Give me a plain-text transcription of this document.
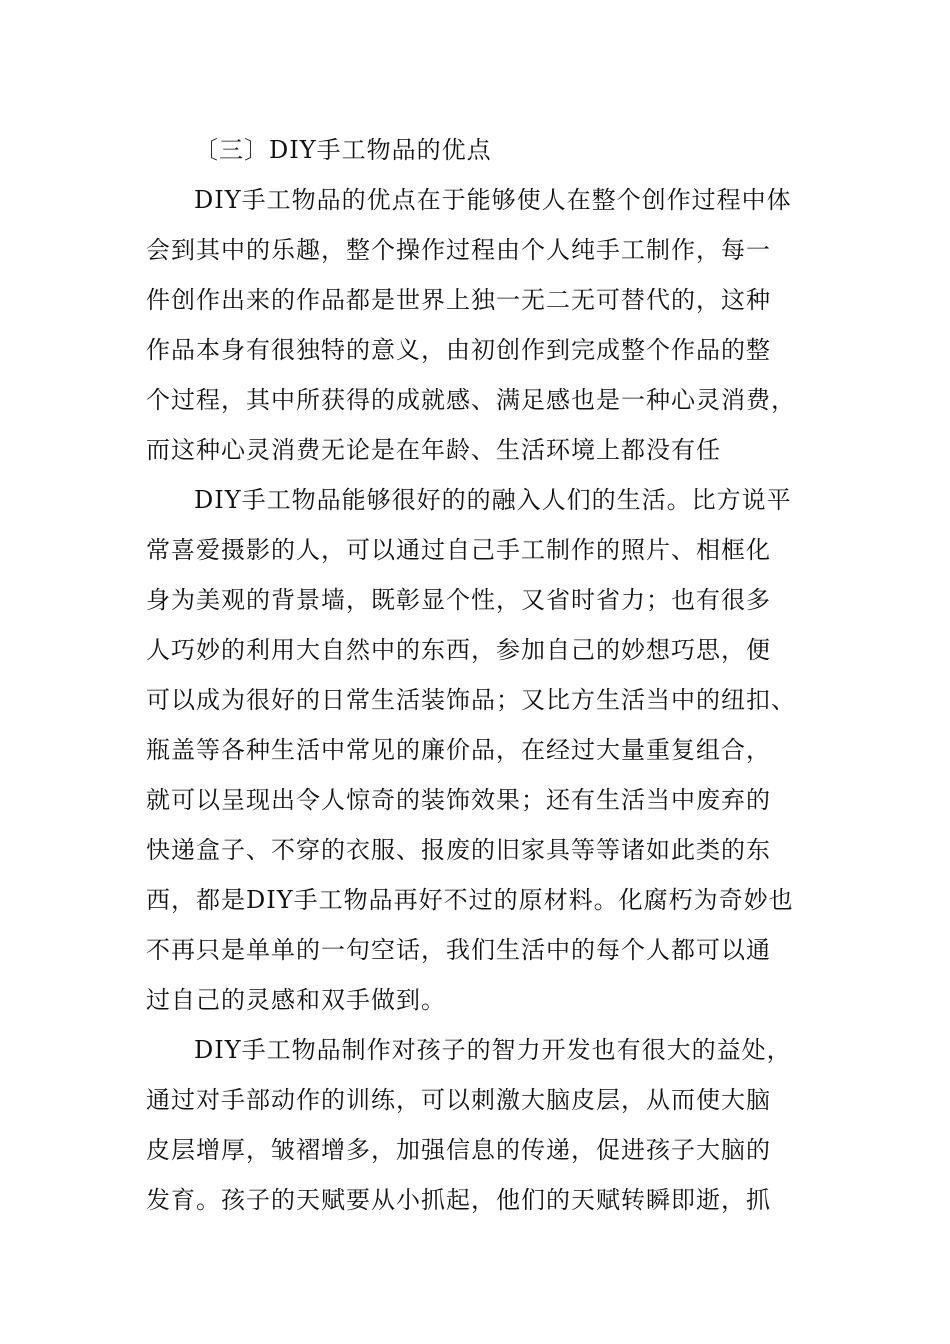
〔三〕DIY手工物品的优点

DIY手工物品的优点在于能够使人在整个创作过程中体

会到其中的乐趣，整个操作过程由个人纯手工制作，每一

件创作出来的作品都是世界上独一无二无可替代的，这种

作品本身有很独特的意义，由初创作到完成整个作品的整

个过程，其中所获得的成就感、满足感也是一种心灵消费，

而这种心灵消费无论是在年龄、生活环境上都没有任

DIY手工物品能够很好的的融入人们的生活。比方说平

常喜爱摄影的人，可以通过自己手工制作的照片、相框化

身为美观的背景墙，既彰显个性，又省时省力；也有很多

人巧妙的利用大自然中的东西，参加自己的妙想巧思，便

可以成为很好的日常生活装饰品；又比方生活当中的纽扣、

瓶盖等各种生活中常见的廉价品，在经过大量重复组合，

就可以呈现出令人惊奇的装饰效果；还有生活当中废弃的

快递盒子、不穿的衣服、报废的旧家具等等诸如此类的东

西，都是DIY手工物品再好不过的原材料。化腐朽为奇妙也

不再只是单单的一句空话，我们生活中的每个人都可以通

过自己的灵感和双手做到。

DIY手工物品制作对孩子的智力开发也有很大的益处，

通过对手部动作的训练，可以刺激大脑皮层，从而使大脑

皮层增厚，皱褶增多，加强信息的传递，促进孩子大脑的

发育。孩子的天赋要从小抓起，他们的天赋转瞬即逝，抓
